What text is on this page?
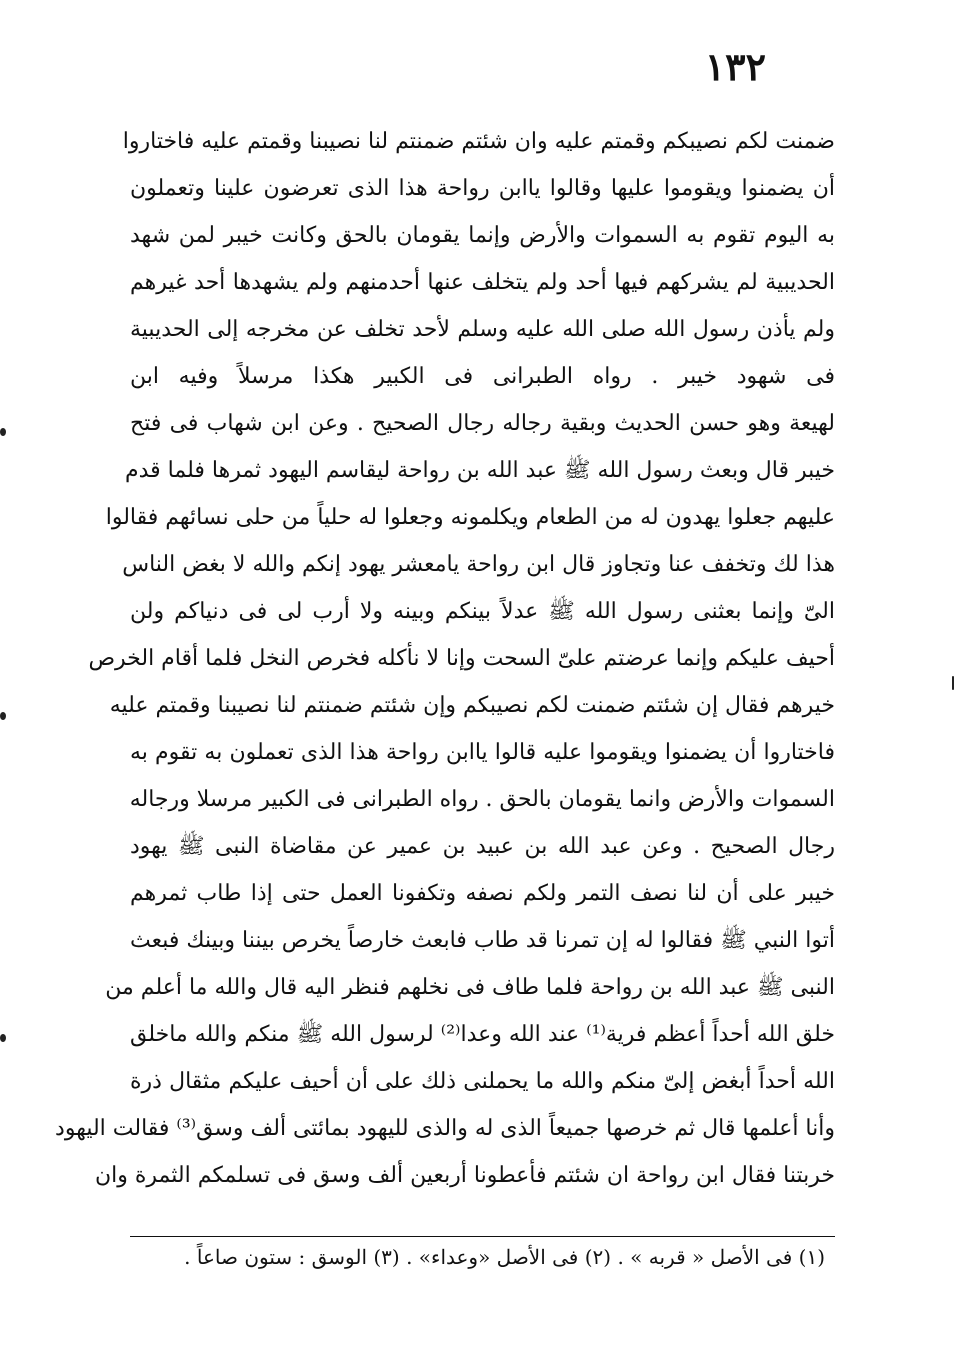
١٣٢
ضمنت لكم نصيبكم وقمتم عليه وان شئتم ضمنتم لنا نصيبنا وقمتم عليه فاختاروا
أن يضمنوا ويقوموا عليها وقالوا ياابن رواحة هذا الذى تعرضون علينا وتعملون
به اليوم تقوم به السموات والأرض وإنما يقومان بالحق وكانت خيبر لمن شهد
الحديبية لم يشركهم فيها أحد ولم يتخلف عنها أحدمنهم ولم يشهدها أحد غيرهم
ولم يأذن رسول الله صلى الله عليه وسلم لأحد تخلف عن مخرجه إلى الحديبية
فى شهود خيبر . رواه الطبرانى فى الكبير هكذا مرسلاً وفيه ابن
لهيعة وهو حسن الحديث وبقية رجاله رجال الصحيح . وعن ابن شهاب فى فتح
خيبر قال وبعث رسول الله ﷺ عبد الله بن رواحة ليقاسم اليهود ثمرها فلما قدم
عليهم جعلوا يهدون له من الطعام ويكلمونه وجعلوا له حلياً من حلى نسائهم فقالوا
هذا لك وتخفف عنا وتجاوز قال ابن رواحة يامعشر يهود إنكم والله لا بغض الناس
الىّ وإنما بعثنى رسول الله ﷺ عدلاً بينكم وبينه ولا أرب لى فى دنياكم ولن
أحيف عليكم وإنما عرضتم علىّ السحت وإنا لا نأكله فخرص النخل فلما أقام الخرص
خيرهم فقال إن شئتم ضمنت لكم نصيبكم وإن شئتم ضمنتم لنا نصيبنا وقمتم عليه
فاختاروا أن يضمنوا ويقوموا عليه قالوا ياابن رواحة هذا الذى تعملون به تقوم به
السموات والأرض وانما يقومان بالحق . رواه الطبرانى فى الكبير مرسلا ورجاله
رجال الصحيح . وعن عبد الله بن عبيد بن عمير عن مقاضاة النبى ﷺ يهود
خيبر على أن لنا نصف التمر ولكم نصفه وتكفونا العمل حتى إذا طاب ثمرهم
أتوا النبي ﷺ فقالوا له إن تمرنا قد طاب فابعث خارصاً يخرص بيننا وبينك فبعث
النبى ﷺ عبد الله بن رواحة فلما طاف فى نخلهم فنظر اليه قال والله ما أعلم من
خلق الله أحداً أعظم فرية⁽¹⁾ عند الله وعدا⁽²⁾ لرسول الله ﷺ منكم والله ماخلق
الله أحداً أبغض إلىّ منكم والله ما يحملنى ذلك على أن أحيف عليكم مثقال ذرة
وأنا أعلمها قال ثم خرصها جميعاً الذى له والذى لليهود بمائتى ألف وسق⁽³⁾ فقالت اليهود
خربتنا فقال ابن رواحة ان شئتم فأعطونا أربعين ألف وسق فى تسلمكم الثمرة وان
(١) فى الأصل « قربه » . (٢) فى الأصل «وعداء» . (٣) الوسق : ستون صاعاً .
